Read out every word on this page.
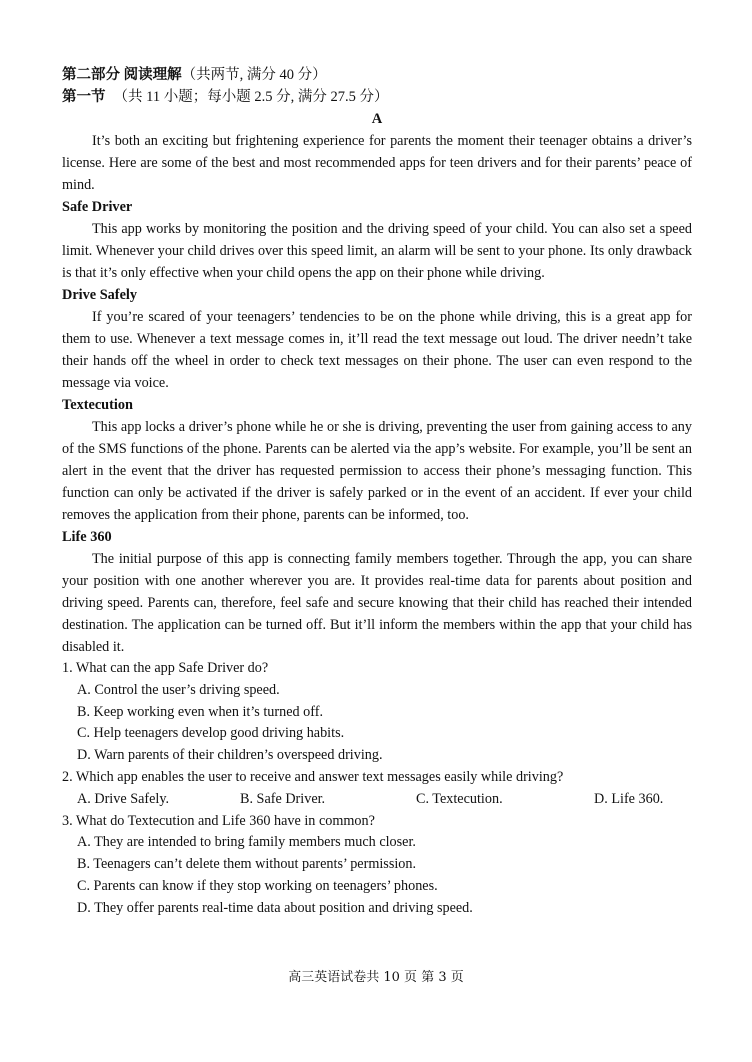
第二部分 阅读理解（共两节, 满分 40 分）
第一节 （共 11 小题；每小题 2.5 分, 满分 27.5 分）
A

It’s both an exciting but frightening experience for parents the moment their teenager obtains a driver’s license. Here are some of the best and most recommended apps for teen drivers and for their parents’ peace of mind.

Safe Driver

This app works by monitoring the position and the driving speed of your child. You can also set a speed limit. Whenever your child drives over this speed limit, an alarm will be sent to your phone. Its only drawback is that it’s only effective when your child opens the app on their phone while driving.

Drive Safely

If you’re scared of your teenagers’ tendencies to be on the phone while driving, this is a great app for them to use. Whenever a text message comes in, it’ll read the text message out loud. The driver needn’t take their hands off the wheel in order to check text messages on their phone. The user can even respond to the message via voice.

Textecution

This app locks a driver’s phone while he or she is driving, preventing the user from gaining access to any of the SMS functions of the phone. Parents can be alerted via the app’s website. For example, you’ll be sent an alert in the event that the driver has requested permission to access their phone’s messaging function. This function can only be activated if the driver is safely parked or in the event of an accident. If ever your child removes the application from their phone, parents can be informed, too.

Life 360

The initial purpose of this app is connecting family members together. Through the app, you can share your position with one another wherever you are. It provides real-time data for parents about position and driving speed. Parents can, therefore, feel safe and secure knowing that their child has reached their intended destination. The application can be turned off. But it’ll inform the members within the app that your child has disabled it.

1. What can the app Safe Driver do?
A. Control the user’s driving speed.
B. Keep working even when it’s turned off.
C. Help teenagers develop good driving habits.
D. Warn parents of their children’s overspeed driving.
2. Which app enables the user to receive and answer text messages easily while driving?
A. Drive Safely.	B. Safe Driver.	C. Textecution.	D. Life 360.
3. What do Textecution and Life 360 have in common?
A. They are intended to bring family members much closer.
B. Teenagers can’t delete them without parents’ permission.
C. Parents can know if they stop working on teenagers’ phones.
D. They offer parents real-time data about position and driving speed.
高三英语试卷共 10 页 第 3 页
